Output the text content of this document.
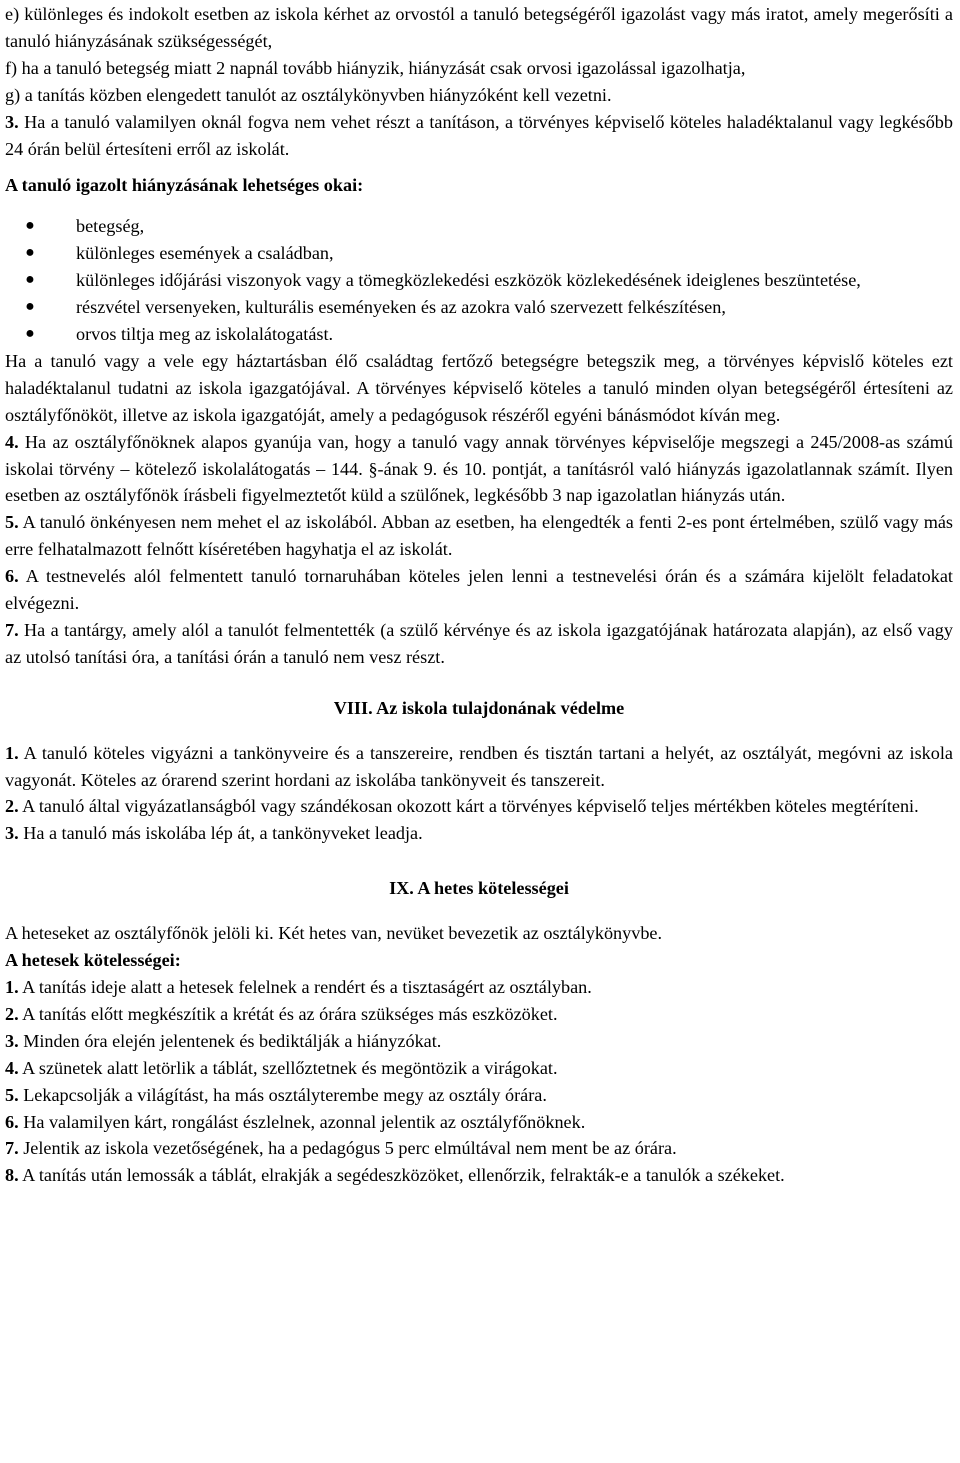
e) különleges és indokolt esetben az iskola kérhet az orvostól a tanuló betegségéről igazolást vagy más iratot, amely megerősíti a tanuló hiányzásának szükségességét,

f) ha a tanuló betegség miatt 2 napnál tovább hiányzik, hiányzását csak orvosi igazolással igazolhatja,

g) a tanítás közben elengedett tanulót az osztálykönyvben hiányzóként kell vezetni.

3. Ha a tanuló valamilyen oknál fogva nem vehet részt a tanításon, a törvényes képviselő köteles haladéktalanul vagy legkésőbb 24 órán belül értesíteni erről az iskolát.

A tanuló igazolt hiányzásának lehetséges okai:
● betegség,
● különleges események a családban,
● különleges időjárási viszonyok vagy a tömegközlekedési eszközök közlekedésének ideiglenes beszüntetése,
● részvétel versenyeken, kulturális eseményeken és az azokra való szervezett felkészítésen,
● orvos tiltja meg az iskolalátogatást.

Ha a tanuló vagy a vele egy háztartásban élő családtag fertőző betegségre betegszik meg, a törvényes képvislő köteles ezt haladéktalanul tudatni az iskola igazgatójával. A törvényes képviselő köteles a tanuló minden olyan betegségéről értesíteni az osztályfőnököt, illetve az iskola igazgatóját, amely a pedagógusok részéről egyéni bánásmódot kíván meg.

4. Ha az osztályfőnöknek alapos gyanúja van, hogy a tanuló vagy annak törvényes képviselője megszegi a 245/2008-as számú iskolai törvény – kötelező iskolalátogatás – 144. §-ának 9. és 10. pontját, a tanításról való hiányzás igazolatlannak számít. Ilyen esetben az osztályfőnök írásbeli figyelmeztetőt küld a szülőnek, legkésőbb 3 nap igazolatlan hiányzás után.

5. A tanuló önkényesen nem mehet el az iskolából. Abban az esetben, ha elengedték a fenti 2-es pont értelmében, szülő vagy más erre felhatalmazott felnőtt kíséretében hagyhatja el az iskolát.

6. A testnevelés alól felmentett tanuló tornaruhában köteles jelen lenni a testnevelési órán és a számára kijelölt feladatokat elvégezni.

7. Ha a tantárgy, amely alól a tanulót felmentették (a szülő kérvénye és az iskola igazgatójának határozata alapján), az első vagy az utolsó tanítási óra, a tanítási órán a tanuló nem vesz részt.

VIII. Az iskola tulajdonának védelme

1. A tanuló köteles vigyázni a tankönyveire és a tanszereire, rendben és tisztán tartani a helyét, az osztályát, megóvni az iskola vagyonát. Köteles az órarend szerint hordani az iskolába tankönyveit és tanszereit.

2. A tanuló által vigyázatlanságból vagy szándékosan okozott kárt a törvényes képviselő teljes mértékben köteles megtéríteni.

3. Ha a tanuló más iskolába lép át, a tankönyveket leadja.

IX. A hetes kötelességei

A heteseket az osztályfőnök jelöli ki. Két hetes van, nevüket bevezetik az osztálykönyvbe.

A hetesek kötelességei:

1. A tanítás ideje alatt a hetesek felelnek a rendért és a tisztaságért az osztályban.

2. A tanítás előtt megkészítik a krétát és az órára szükséges más eszközöket.

3. Minden óra elején jelentenek és bediktálják a hiányzókat.

4. A szünetek alatt letörlik a táblát, szellőztetnek és megöntözik a virágokat.

5. Lekapcsolják a világítást, ha más osztályterembe megy az osztály órára.

6. Ha valamilyen kárt, rongálást észlelnek, azonnal jelentik az osztályfőnöknek.

7. Jelentik az iskola vezetőségének, ha a pedagógus 5 perc elmúltával nem ment be az órára.

8. A tanítás után lemossák a táblát, elrakják a segédeszközöket, ellenőrzik, felrakták-e a tanulók a székeket.
